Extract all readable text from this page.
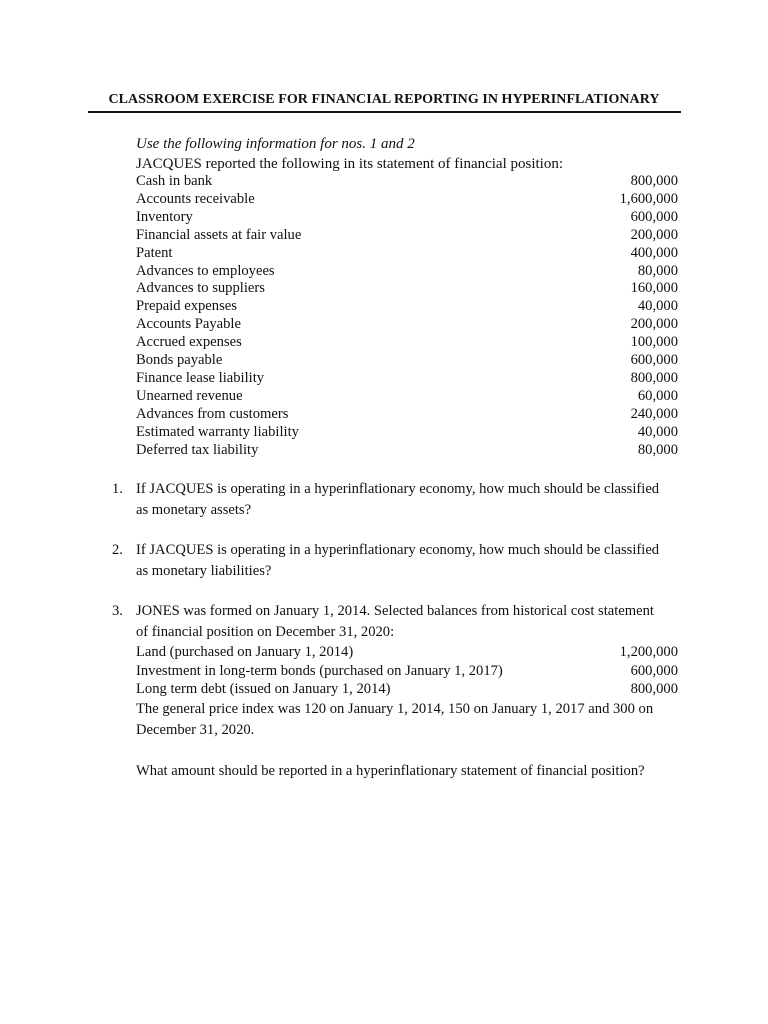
CLASSROOM EXERCISE FOR FINANCIAL REPORTING IN HYPERINFLATIONARY
Use the following information for nos. 1 and 2
JACQUES reported the following in its statement of financial position:
Cash in bank	800,000
Accounts receivable	1,600,000
Inventory	600,000
Financial assets at fair value	200,000
Patent	400,000
Advances to employees	80,000
Advances to suppliers	160,000
Prepaid expenses	40,000
Accounts Payable	200,000
Accrued expenses	100,000
Bonds payable	600,000
Finance lease liability	800,000
Unearned revenue	60,000
Advances from customers	240,000
Estimated warranty liability	40,000
Deferred tax liability	80,000
1. If JACQUES is operating in a hyperinflationary economy, how much should be classified
as monetary assets?
2. If JACQUES is operating in a hyperinflationary economy, how much should be classified
as monetary liabilities?
3. JONES was formed on January 1, 2014. Selected balances from historical cost statement
of financial position on December 31, 2020:
Land (purchased on January 1, 2014)	1,200,000
Investment in long-term bonds (purchased on January 1, 2017)	600,000
Long term debt (issued on January 1, 2014)	800,000
The general price index was 120 on January 1, 2014, 150 on January 1, 2017 and 300 on
December 31, 2020.
What amount should be reported in a hyperinflationary statement of financial position?
